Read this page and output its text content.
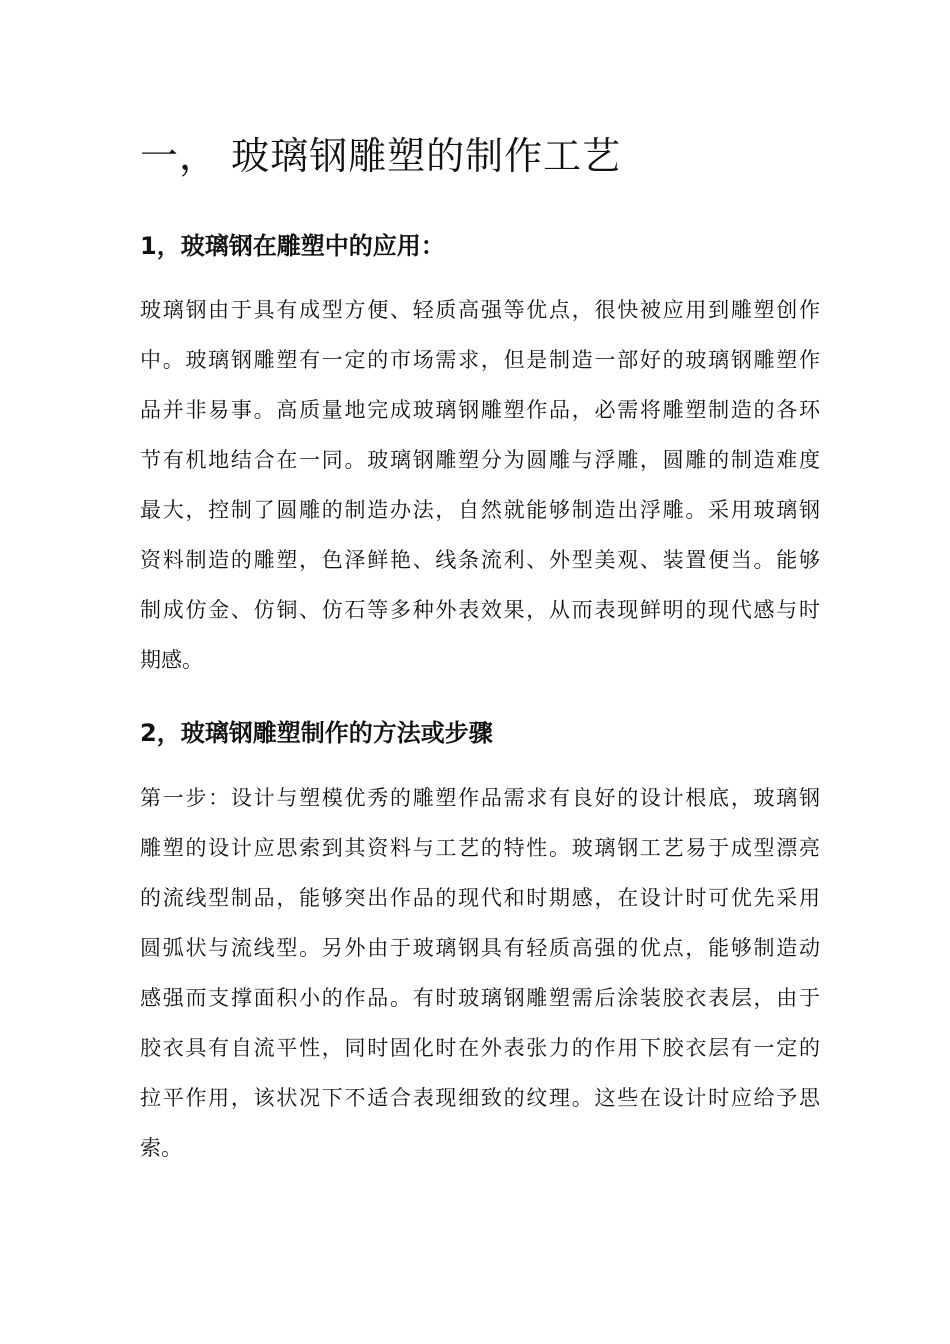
一， 玻璃钢雕塑的制作工艺
1，玻璃钢在雕塑中的应用：
玻璃钢由于具有成型方便、轻质高强等优点，很快被应用到雕塑创作
中。玻璃钢雕塑有一定的市场需求，但是制造一部好的玻璃钢雕塑作
品并非易事。高质量地完成玻璃钢雕塑作品，必需将雕塑制造的各环
节有机地结合在一同。玻璃钢雕塑分为圆雕与浮雕，圆雕的制造难度
最大，控制了圆雕的制造办法，自然就能够制造出浮雕。采用玻璃钢
资料制造的雕塑，色泽鲜艳、线条流利、外型美观、装置便当。能够
制成仿金、仿铜、仿石等多种外表效果，从而表现鲜明的现代感与时
期感。
2，玻璃钢雕塑制作的方法或步骤
第一步：设计与塑模优秀的雕塑作品需求有良好的设计根底，玻璃钢
雕塑的设计应思索到其资料与工艺的特性。玻璃钢工艺易于成型漂亮
的流线型制品，能够突出作品的现代和时期感，在设计时可优先采用
圆弧状与流线型。另外由于玻璃钢具有轻质高强的优点，能够制造动
感强而支撑面积小的作品。有时玻璃钢雕塑需后涂装胶衣表层，由于
胶衣具有自流平性，同时固化时在外表张力的作用下胶衣层有一定的
拉平作用，该状况下不适合表现细致的纹理。这些在设计时应给予思
索。
